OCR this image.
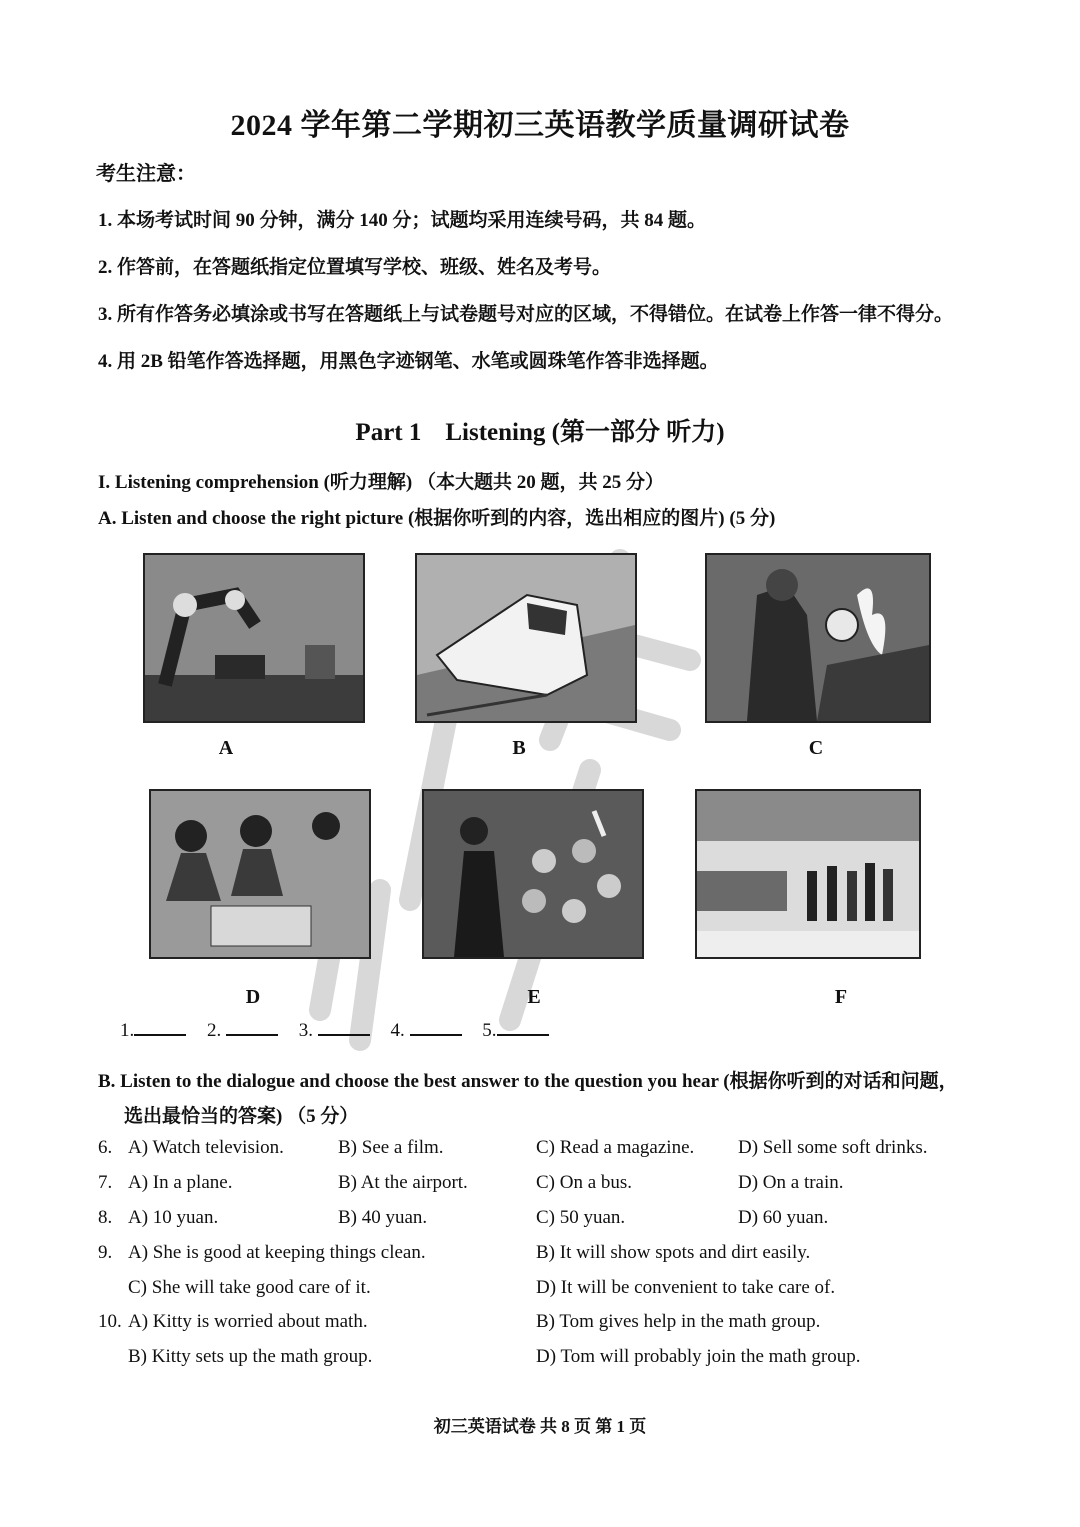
2024 学年第二学期初三英语教学质量调研试卷
考生注意：
1. 本场考试时间 90 分钟，满分 140 分；试题均采用连续号码，共 84 题。
2. 作答前，在答题纸指定位置填写学校、班级、姓名及考号。
3. 所有作答务必填涂或书写在答题纸上与试卷题号对应的区域，不得错位。在试卷上作答一律不得分。
4. 用 2B 铅笔作答选择题，用黑色字迹钢笔、水笔或圆珠笔作答非选择题。
Part 1 Listening (第一部分 听力)
I. Listening comprehension (听力理解) （本大题共 20 题，共 25 分）
A. Listen and choose the right picture (根据你听到的内容，选出相应的图片) (5 分)
A	B	C
D	E	F
1.	2.	3.	4.	5.
B. Listen to the dialogue and choose the best answer to the question you hear (根据你听到的对话和问题，
选出最恰当的答案) （5 分）
6. A) Watch television.	B) See a film.	C) Read a magazine. D) Sell some soft drinks.
7. A) In a plane.	B) At the airport.	C) On a bus.	D) On a train.
8. A) 10 yuan.	B) 40 yuan.	C) 50 yuan.	D) 60 yuan.
9. A) She is good at keeping things clean.	B) It will show spots and dirt easily.
C) She will take good care of it.	D) It will be convenient to take care of.
10. A) Kitty is worried about math.	B) Tom gives help in the math group.
B) Kitty sets up the math group.	D) Tom will probably join the math group.
初三英语试卷 共 8 页 第 1 页
